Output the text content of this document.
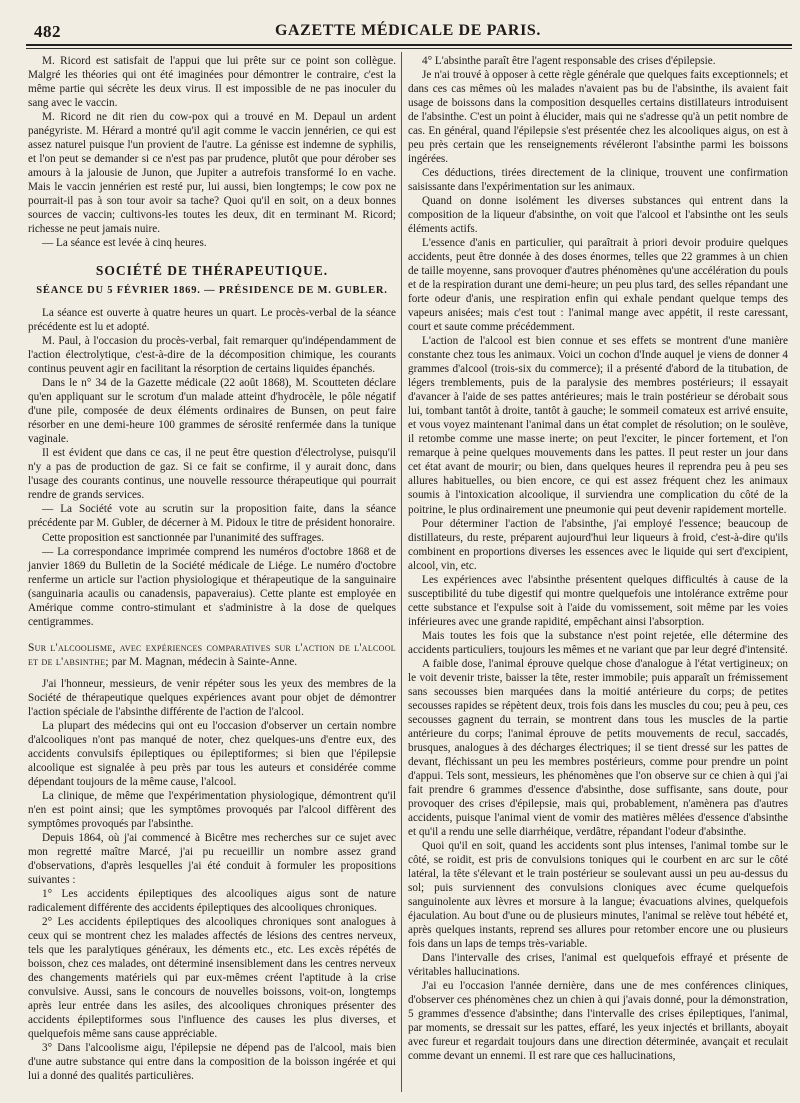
482	GAZETTE MÉDICALE DE PARIS.

M. Ricord est satisfait de l'appui que lui prête sur ce point son collègue. Malgré les théories qui ont été imaginées pour démontrer le contraire, c'est la même partie qui sécrète les deux virus. Il est impossible de ne pas inoculer du sang avec le vaccin.

M. Ricord ne dit rien du cow-pox qui a trouvé en M. Depaul un ardent panégyriste. M. Hérard a montré qu'il agit comme le vaccin jennérien, ce qui est assez naturel puisque l'un provient de l'autre. La génisse est indemne de syphilis, et l'on peut se demander si ce n'est pas par prudence, plutôt que pour dérober ses amours à la jalousie de Junon, que Jupiter a autrefois transformé Io en vache. Mais le vaccin jennérien est resté pur, lui aussi, bien longtemps; le cow pox ne pourrait-il pas à son tour avoir sa tache? Quoi qu'il en soit, on a deux bonnes sources de vaccin; cultivons-les toutes les deux, dit en terminant M. Ricord; richesse ne peut jamais nuire.

— La séance est levée à cinq heures.

SOCIÉTÉ DE THÉRAPEUTIQUE.
SÉANCE DU 5 FÉVRIER 1869. — PRÉSIDENCE DE M. GUBLER.

La séance est ouverte à quatre heures un quart. Le procès-verbal de la séance précédente est lu et adopté.

M. Paul, à l'occasion du procès-verbal, fait remarquer qu'indépendamment de l'action électrolytique, c'est-à-dire de la décomposition chimique, les courants continus peuvent agir en facilitant la résorption de certains liquides épanchés.

Dans le n° 34 de la Gazette médicale (22 août 1868), M. Scoutteten déclare qu'en appliquant sur le scrotum d'un malade atteint d'hydrocèle, le pôle négatif d'une pile, composée de deux éléments ordinaires de Bunsen, on peut faire résorber en une demi-heure 100 grammes de sérosité renfermée dans la tunique vaginale.

Il est évident que dans ce cas, il ne peut être question d'électrolyse, puisqu'il n'y a pas de production de gaz. Si ce fait se confirme, il y aurait donc, dans l'usage des courants continus, une nouvelle ressource thérapeutique qui pourrait rendre de grands services.

— La Société vote au scrutin sur la proposition faite, dans la séance précédente par M. Gubler, de décerner à M. Pidoux le titre de président honoraire.

Cette proposition est sanctionnée par l'unanimité des suffrages.

— La correspondance imprimée comprend les numéros d'octobre 1868 et de janvier 1869 du Bulletin de la Société médicale de Liége. Le numéro d'octobre renferme un article sur l'action physiologique et thérapeutique de la sanguinaire (sanguinaria acaulis ou canadensis, papaveraius). Cette plante est employée en Amérique comme contro-stimulant et s'administre à la dose de quelques centigrammes.

Sur l'alcoolisme, avec expériences comparatives sur l'action de l'alcool et de l'absinthe; par M. Magnan, médecin à Sainte-Anne.

J'ai l'honneur, messieurs, de venir répéter sous les yeux des membres de la Société de thérapeutique quelques expériences avant pour objet de démontrer l'action spéciale de l'absinthe différente de l'action de l'alcool.

La plupart des médecins qui ont eu l'occasion d'observer un certain nombre d'alcooliques n'ont pas manqué de noter, chez quelques-uns d'entre eux, des accidents convulsifs épileptiques ou épileptiformes; si bien que l'épilepsie alcoolique est signalée à peu près par tous les auteurs et considérée comme dépendant toujours de la même cause, l'alcool.

La clinique, de même que l'expérimentation physiologique, démontrent qu'il n'en est point ainsi; que les symptômes provoqués par l'alcool diffèrent des symptômes provoqués par l'absinthe.

Depuis 1864, où j'ai commencé à Bicêtre mes recherches sur ce sujet avec mon regretté maître Marcé, j'ai pu recueillir un nombre assez grand d'observations, d'après lesquelles j'ai été conduit à formuler les propositions suivantes :

1° Les accidents épileptiques des alcooliques aigus sont de nature radicalement différente des accidents épileptiques des alcooliques chroniques.

2° Les accidents épileptiques des alcooliques chroniques sont analogues à ceux qui se montrent chez les malades affectés de lésions des centres nerveux, tels que les paralytiques généraux, les déments etc., etc. Les excès répétés de boisson, chez ces malades, ont déterminé insensiblement dans les centres nerveux des changements matériels qui par eux-mêmes créent l'aptitude à la crise convulsive. Aussi, sans le concours de nouvelles boissons, voit-on, longtemps après leur entrée dans les asiles, des alcooliques chroniques présenter des accidents épileptiformes sous l'influence des causes les plus diverses, et quelquefois même sans cause appréciable.

3° Dans l'alcoolisme aigu, l'épilepsie ne dépend pas de l'alcool, mais bien d'une autre substance qui entre dans la composition de la boisson ingérée et qui lui a donné des qualités particulières.

4° L'absinthe paraît être l'agent responsable des crises d'épilepsie.

Je n'ai trouvé à opposer à cette règle générale que quelques faits exceptionnels; et dans ces cas mêmes où les malades n'avaient pas bu de l'absinthe, ils avaient fait usage de boissons dans la composition desquelles certains distillateurs introduisent de l'absinthe. C'est un point à élucider, mais qui ne s'adresse qu'à un petit nombre de cas. En général, quand l'épilepsie s'est présentée chez les alcooliques aigus, on est à peu près certain que les renseignements révéleront l'absinthe parmi les boissons ingérées.

Ces déductions, tirées directement de la clinique, trouvent une confirmation saisissante dans l'expérimentation sur les animaux.

Quand on donne isolément les diverses substances qui entrent dans la composition de la liqueur d'absinthe, on voit que l'alcool et l'absinthe ont les seuls éléments actifs.

L'essence d'anis en particulier, qui paraîtrait à priori devoir produire quelques accidents, peut être donnée à des doses énormes, telles que 22 grammes à un chien de taille moyenne, sans provoquer d'autres phénomènes qu'une accélération du pouls et de la respiration durant une demi-heure; un peu plus tard, des selles répandant une forte odeur d'anis, une respiration enfin qui exhale pendant quelque temps des vapeurs anisées; mais c'est tout : l'animal mange avec appétit, il reste caressant, court et saute comme précédemment.

L'action de l'alcool est bien connue et ses effets se montrent d'une manière constante chez tous les animaux. Voici un cochon d'Inde auquel je viens de donner 4 grammes d'alcool (trois-six du commerce); il a présenté d'abord de la titubation, de légers tremblements, puis de la paralysie des membres postérieurs; il essayait d'avancer à l'aide de ses pattes antérieures; mais le train postérieur se dérobait sous lui, tombant tantôt à droite, tantôt à gauche; le sommeil comateux est arrivé ensuite, et vous voyez maintenant l'animal dans un état complet de résolution; on le soulève, il retombe comme une masse inerte; on peut l'exciter, le pincer fortement, et l'on remarque à peine quelques mouvements dans les pattes. Il peut rester un jour dans cet état avant de mourir; ou bien, dans quelques heures il reprendra peu à peu ses allures habituelles, ou bien encore, ce qui est assez fréquent chez les animaux soumis à l'intoxication alcoolique, il surviendra une complication du côté de la poitrine, le plus ordinairement une pneumonie qui peut devenir rapidement mortelle.

Pour déterminer l'action de l'absinthe, j'ai employé l'essence; beaucoup de distillateurs, du reste, préparent aujourd'hui leur liqueurs à froid, c'est-à-dire qu'ils combinent en proportions diverses les essences avec le liquide qui sert d'excipient, alcool, vin, etc.

Les expériences avec l'absinthe présentent quelques difficultés à cause de la susceptibilité du tube digestif qui montre quelquefois une intolérance extrême pour cette substance et l'expulse soit à l'aide du vomissement, soit même par les voies inférieures avec une grande rapidité, empêchant ainsi l'absorption.

Mais toutes les fois que la substance n'est point rejetée, elle détermine des accidents particuliers, toujours les mêmes et ne variant que par leur degré d'intensité.

A faible dose, l'animal éprouve quelque chose d'analogue à l'état vertigineux; on le voit devenir triste, baisser la tête, rester immobile; puis apparaît un frémissement sans secousses bien marquées dans la moitié antérieure du corps; de petites secousses rapides se répètent deux, trois fois dans les muscles du cou; peu à peu, ces secousses gagnent du terrain, se montrent dans tous les muscles de la partie antérieure du corps; l'animal éprouve de petits mouvements de recul, saccadés, brusques, analogues à des décharges électriques; il se tient dressé sur les pattes de devant, fléchissant un peu les membres postérieurs, comme pour prendre un point d'appui. Tels sont, messieurs, les phénomènes que l'on observe sur ce chien à qui j'ai fait prendre 6 grammes d'essence d'absinthe, dose suffisante, sans doute, pour provoquer des crises d'épilepsie, mais qui, probablement, n'amènera pas d'autres accidents, puisque l'animal vient de vomir des matières mêlées d'essence d'absinthe et qu'il a rendu une selle diarrhéique, verdâtre, répandant l'odeur d'absinthe.

Quoi qu'il en soit, quand les accidents sont plus intenses, l'animal tombe sur le côté, se roidit, est pris de convulsions toniques qui le courbent en arc sur le côté latéral, la tête s'élevant et le train postérieur se soulevant aussi un peu au-dessus du sol; puis surviennent des convulsions cloniques avec écume quelquefois sanguinolente aux lèvres et morsure à la langue; évacuations alvines, quelquefois éjaculation. Au bout d'une ou de plusieurs minutes, l'animal se relève tout hébété et, après quelques instants, reprend ses allures pour retomber encore une ou plusieurs fois dans un laps de temps très-variable.

Dans l'intervalle des crises, l'animal est quelquefois effrayé et présente de véritables hallucinations.

J'ai eu l'occasion l'année dernière, dans une de mes conférences cliniques, d'observer ces phénomènes chez un chien à qui j'avais donné, pour la démonstration, 5 grammes d'essence d'absinthe; dans l'intervalle des crises épileptiques, l'animal, par moments, se dressait sur les pattes, effaré, les yeux injectés et brillants, aboyait avec fureur et regardait toujours dans une direction déterminée, avançait et reculait comme devant un ennemi. Il est rare que ces hallucinations,
